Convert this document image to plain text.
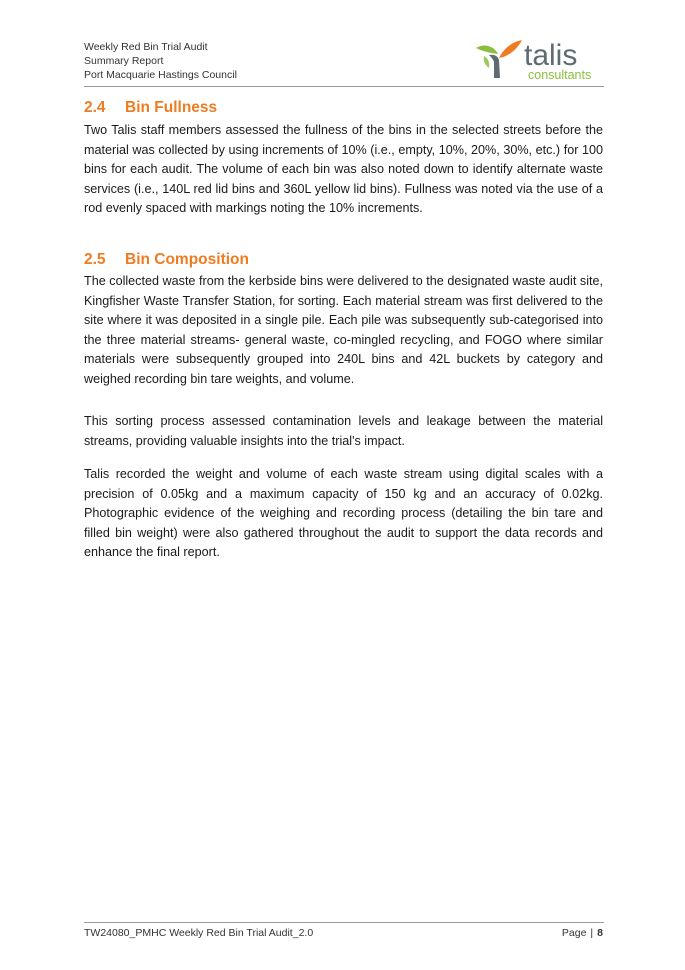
Weekly Red Bin Trial Audit
Summary Report
Port Macquarie Hastings Council
talis
consultants
2.4 Bin Fullness

Two Talis staff members assessed the fullness of the bins in the selected streets before the material was collected by using increments of 10% (i.e., empty, 10%, 20%, 30%, etc.) for 100 bins for each audit. The volume of each bin was also noted down to identify alternate waste services (i.e., 140L red lid bins and 360L yellow lid bins). Fullness was noted via the use of a rod evenly spaced with markings noting the 10% increments.

2.5 Bin Composition

The collected waste from the kerbside bins were delivered to the designated waste audit site, Kingfisher Waste Transfer Station, for sorting. Each material stream was first delivered to the site where it was deposited in a single pile. Each pile was subsequently sub-categorised into the three material streams- general waste, co-mingled recycling, and FOGO where similar materials were subsequently grouped into 240L bins and 42L buckets by category and weighed recording bin tare weights, and volume.

This sorting process assessed contamination levels and leakage between the material streams, providing valuable insights into the trial's impact.

Talis recorded the weight and volume of each waste stream using digital scales with a precision of 0.05kg and a maximum capacity of 150 kg and an accuracy of 0.02kg. Photographic evidence of the weighing and recording process (detailing the bin tare and filled bin weight) were also gathered throughout the audit to support the data records and enhance the final report.

TW24080_PMHC Weekly Red Bin Trial Audit_2.0	Page | 8
